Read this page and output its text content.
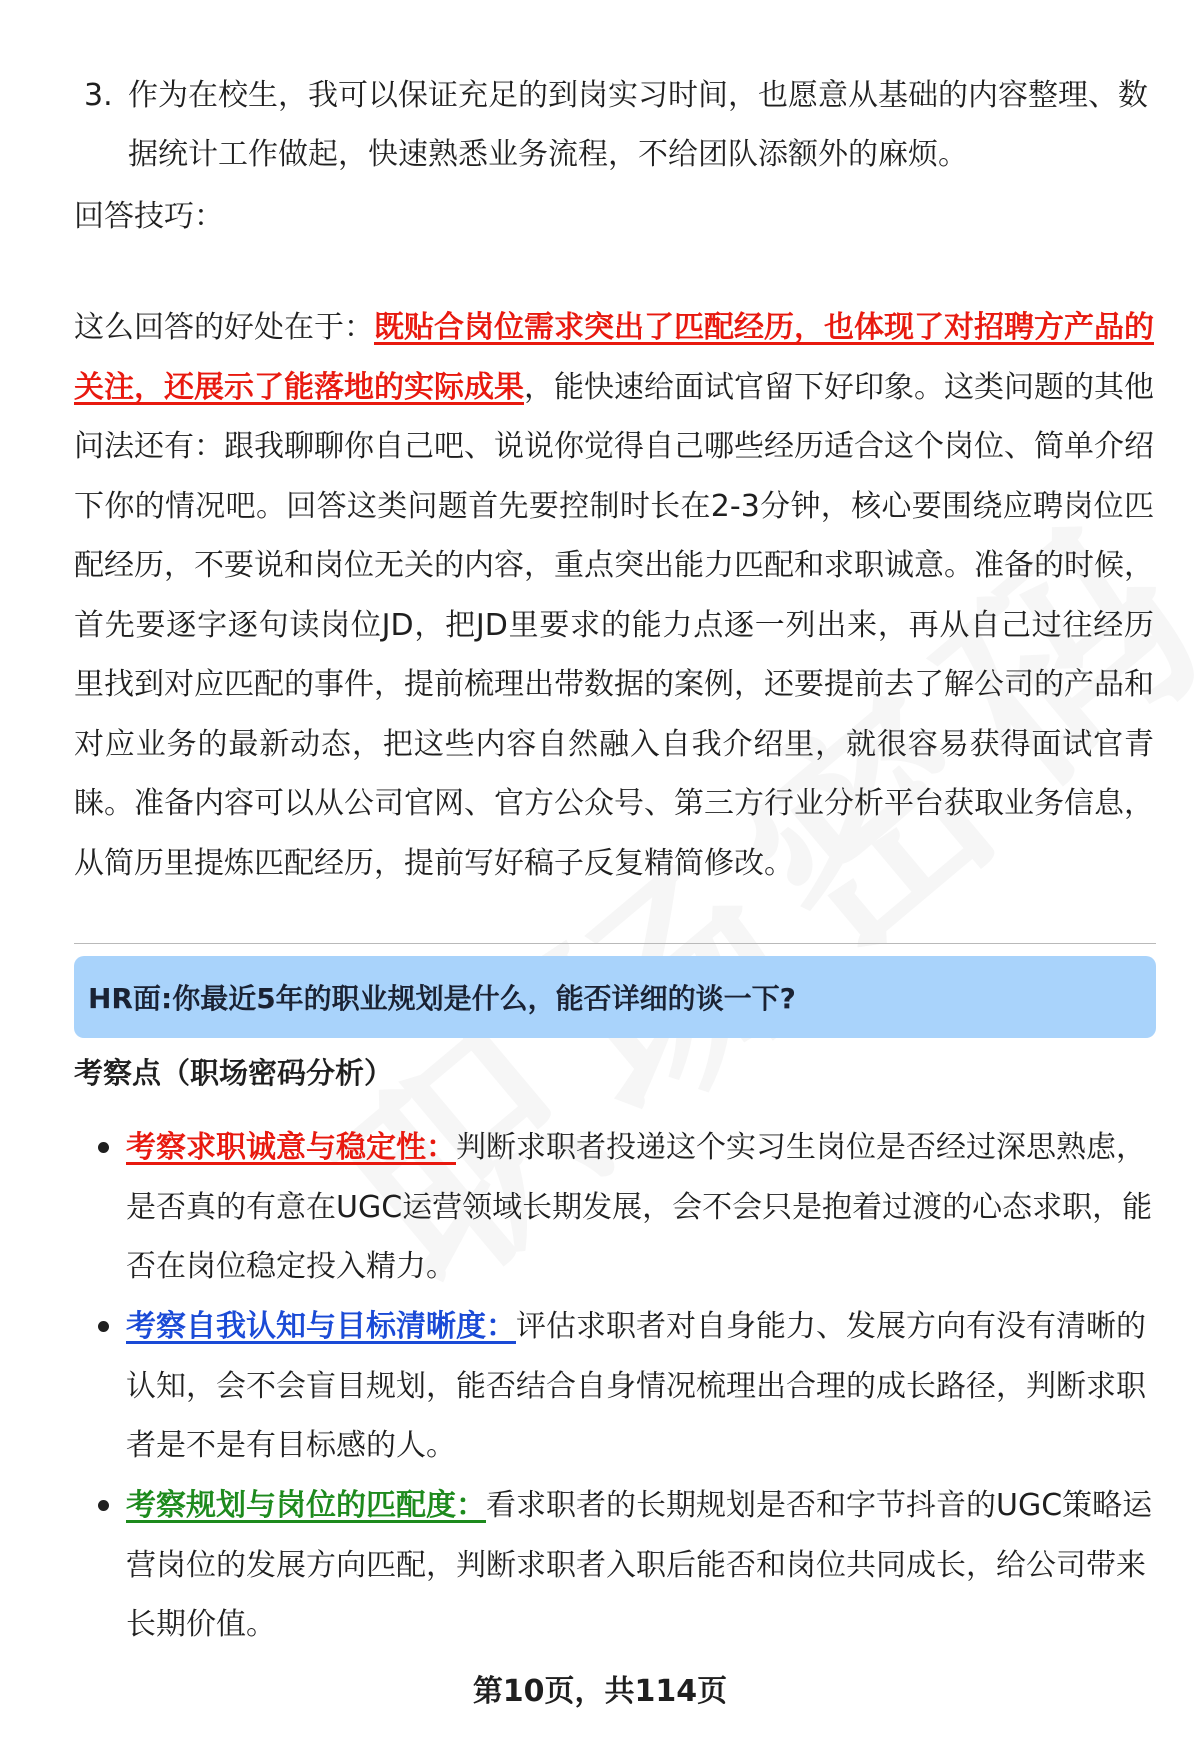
3. 作为在校生，我可以保证充足的到岗实习时间，也愿意从基础的内容整理、数据统计工作做起，快速熟悉业务流程，不给团队添额外的麻烦。
回答技巧：
这么回答的好处在于：既贴合岗位需求突出了匹配经历，也体现了对招聘方产品的关注，还展示了能落地的实际成果，能快速给面试官留下好印象。这类问题的其他问法还有：跟我聊聊你自己吧、说说你觉得自己哪些经历适合这个岗位、简单介绍下你的情况吧。回答这类问题首先要控制时长在2-3分钟，核心要围绕应聘岗位匹配经历，不要说和岗位无关的内容，重点突出能力匹配和求职诚意。准备的时候，首先要逐字逐句读岗位JD，把JD里要求的能力点逐一列出来，再从自己过往经历里找到对应匹配的事件，提前梳理出带数据的案例，还要提前去了解公司的产品和对应业务的最新动态，把这些内容自然融入自我介绍里，就很容易获得面试官青睐。准备内容可以从公司官网、官方公众号、第三方行业分析平台获取业务信息，从简历里提炼匹配经历，提前写好稿子反复精简修改。
HR面:你最近5年的职业规划是什么，能否详细的谈一下?
考察点（职场密码分析）
考察求职诚意与稳定性：判断求职者投递这个实习生岗位是否经过深思熟虑，是否真的有意在UGC运营领域长期发展，会不会只是抱着过渡的心态求职，能否在岗位稳定投入精力。
考察自我认知与目标清晰度：评估求职者对自身能力、发展方向有没有清晰的认知，会不会盲目规划，能否结合自身情况梳理出合理的成长路径，判断求职者是不是有目标感的人。
考察规划与岗位的匹配度：看求职者的长期规划是否和字节抖音的UGC策略运营岗位的发展方向匹配，判断求职者入职后能否和岗位共同成长，给公司带来长期价值。
第10页，共114页
